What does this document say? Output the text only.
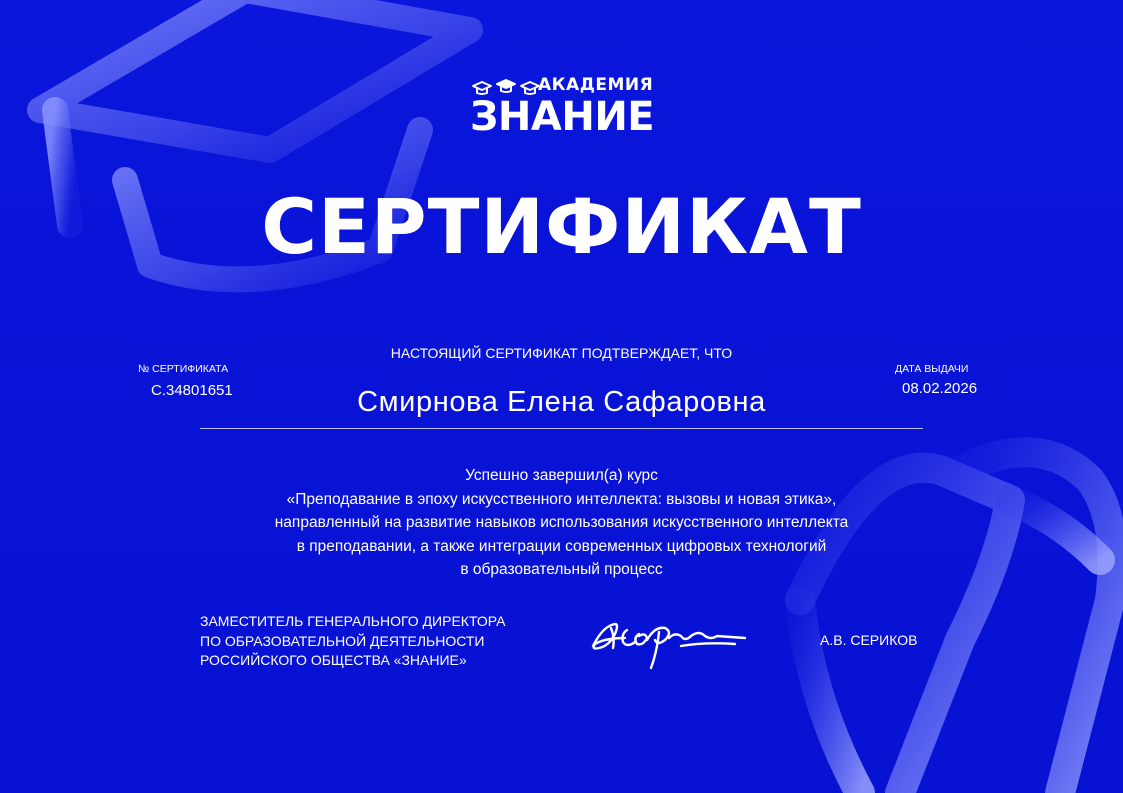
АКАДЕМИЯ
ЗНАНИЕ
СЕРТИФИКАТ
НАСТОЯЩИЙ СЕРТИФИКАТ ПОДТВЕРЖДАЕТ, ЧТО
№ СЕРТИФИКАТА
С.34801651
ДАТА ВЫДАЧИ
08.02.2026
Смирнова Елена Сафаровна
Успешно завершил(а) курс
«Преподавание в эпоху искусственного интеллекта: вызовы и новая этика»,
направленный на развитие навыков использования искусственного интеллекта
в преподавании, а также интеграции современных цифровых технологий
в образовательный процесс
ЗАМЕСТИТЕЛЬ ГЕНЕРАЛЬНОГО ДИРЕКТОРА
ПО ОБРАЗОВАТЕЛЬНОЙ ДЕЯТЕЛЬНОСТИ
РОССИЙСКОГО ОБЩЕСТВА «ЗНАНИЕ»
А.В. СЕРИКОВ
